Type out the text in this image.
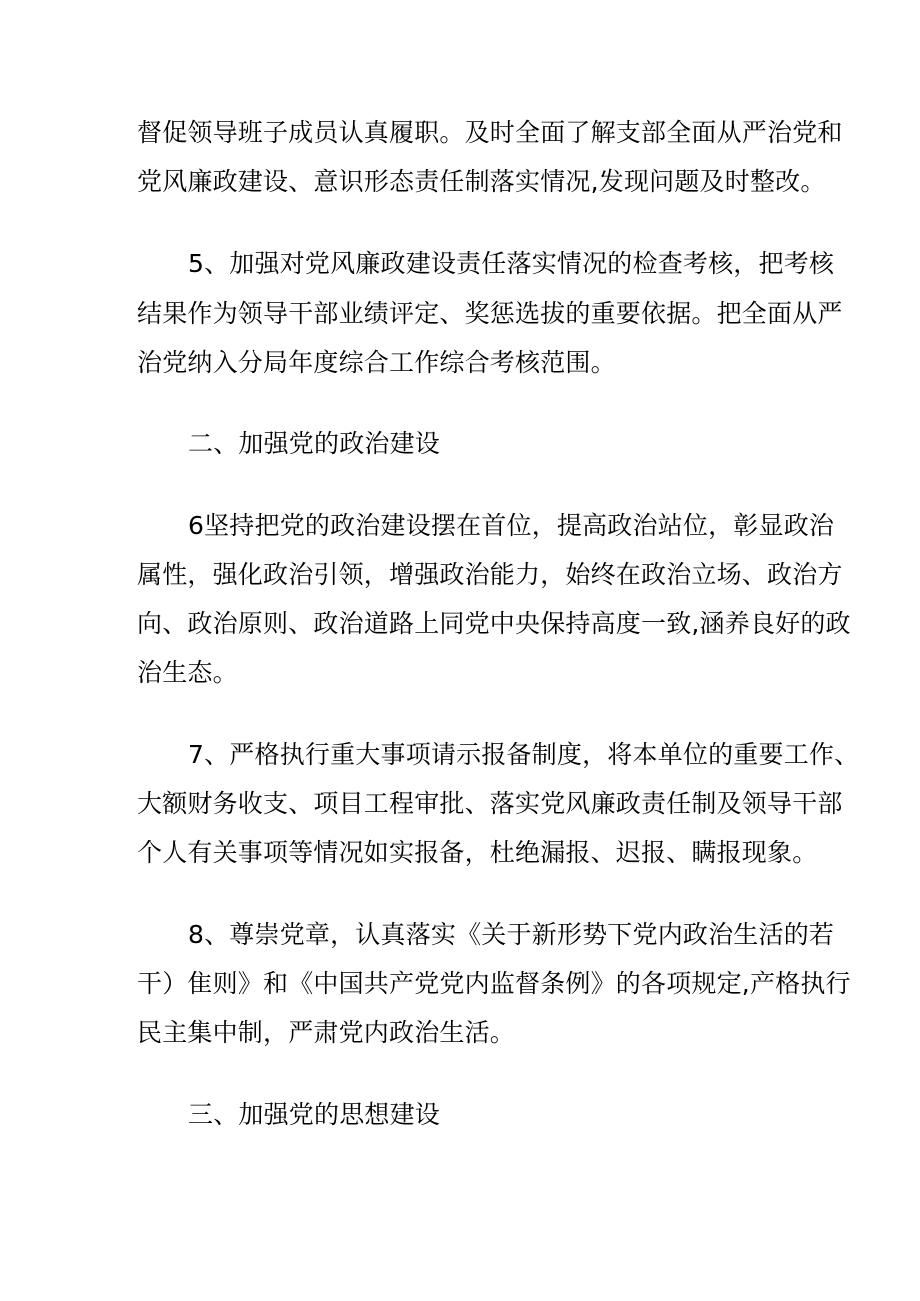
督促领导班子成员认真履职。及时全面了解支部全面从严治党和
党风廉政建设、意识形态责任制落实情况,发现问题及时整改。
5、加强对党风廉政建设责任落实情况的检查考核，把考核
结果作为领导干部业绩评定、奖惩选拔的重要依据。把全面从严
治党纳入分局年度综合工作综合考核范围。
二、加强党的政治建设
6坚持把党的政治建设摆在首位，提高政治站位，彰显政治
属性，强化政治引领，增强政治能力，始终在政治立场、政治方
向、政治原则、政治道路上同党中央保持高度一致,涵养良好的政
治生态。
7、严格执行重大事项请示报备制度，将本单位的重要工作、
大额财务收支、项目工程审批、落实党风廉政责任制及领导干部
个人有关事项等情况如实报备，杜绝漏报、迟报、瞒报现象。
8、尊崇党章，认真落实《关于新形势下党内政治生活的若
干）隹则》和《中国共产党党内监督条例》的各项规定,产格执行
民主集中制，严肃党内政治生活。
三、加强党的思想建设
